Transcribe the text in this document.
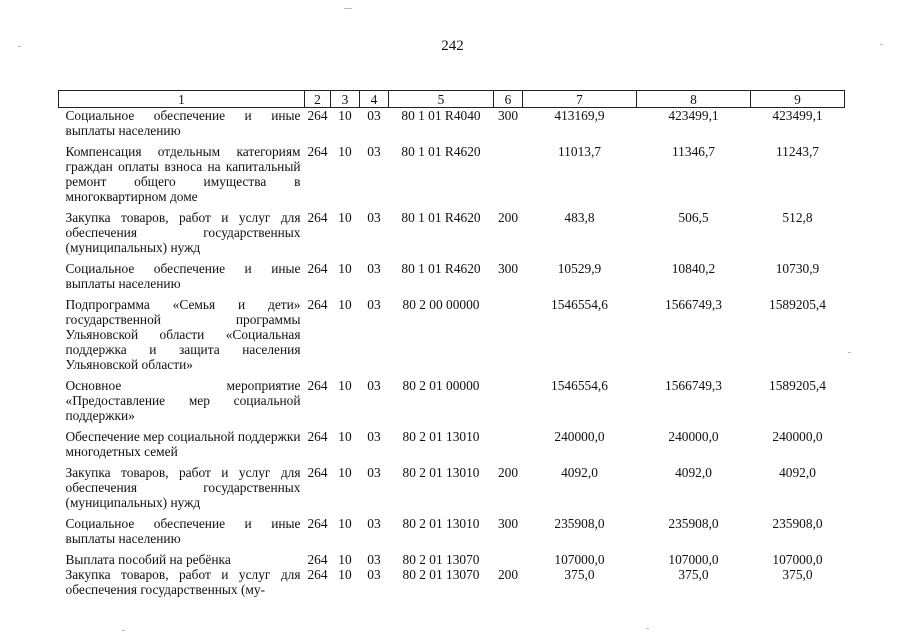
242
1	2	3	4	5	6	7	8	9
Социальное обеспечение и иные выплаты населению	264	10	03	80 1 01 R4040	300	413169,9	423499,1	423499,1
Компенсация отдельным категориям граждан оплаты взноса на капитальный ремонт общего имущества в многоквартирном доме	264	10	03	80 1 01 R4620		11013,7	11346,7	11243,7
Закупка товаров, работ и услуг для обеспечения государственных (муниципальных) нужд	264	10	03	80 1 01 R4620	200	483,8	506,5	512,8
Социальное обеспечение и иные выплаты населению	264	10	03	80 1 01 R4620	300	10529,9	10840,2	10730,9
Подпрограмма «Семья и дети» государственной программы Ульяновской области «Социальная поддержка и защита населения Ульяновской области»	264	10	03	80 2 00 00000		1546554,6	1566749,3	1589205,4
Основное мероприятие «Предоставление мер социальной поддержки»	264	10	03	80 2 01 00000		1546554,6	1566749,3	1589205,4
Обеспечение мер социальной поддержки многодетных семей	264	10	03	80 2 01 13010		240000,0	240000,0	240000,0
Закупка товаров, работ и услуг для обеспечения государственных (муниципальных) нужд	264	10	03	80 2 01 13010	200	4092,0	4092,0	4092,0
Социальное обеспечение и иные выплаты населению	264	10	03	80 2 01 13010	300	235908,0	235908,0	235908,0
Выплата пособий на ребёнка	264	10	03	80 2 01 13070		107000,0	107000,0	107000,0
Закупка товаров, работ и услуг для обеспечения государственных (му-	264	10	03	80 2 01 13070	200	375,0	375,0	375,0
